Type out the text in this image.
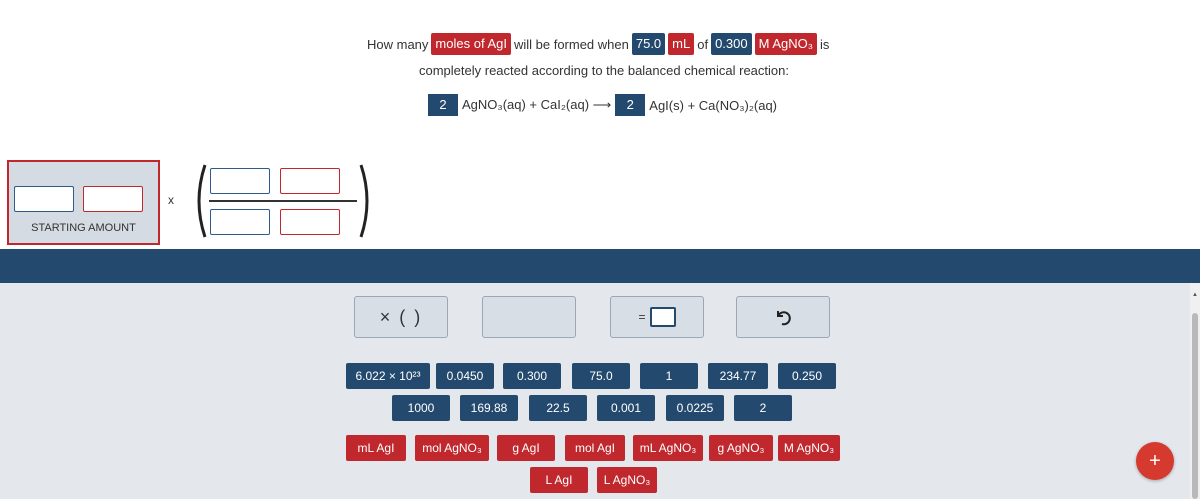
How many moles of AgI will be formed when 75.0 mL of 0.300 M AgNO₃ is
completely reacted according to the balanced chemical reaction:
2	AgNO₃(aq) + CaI₂(aq) ⟶	2	AgI(s) + Ca(NO₃)₂(aq)
STARTING AMOUNT
x
× ( )	=
6.022 × 10²³	0.0450	0.300	75.0	1	234.77	0.250
1000	169.88	22.5	0.001	0.0225	2
mL AgI	mol AgNO₃	g AgI	mol AgI	mL AgNO₃	g AgNO₃	M AgNO₃
L AgI	L AgNO₃
▲
+
